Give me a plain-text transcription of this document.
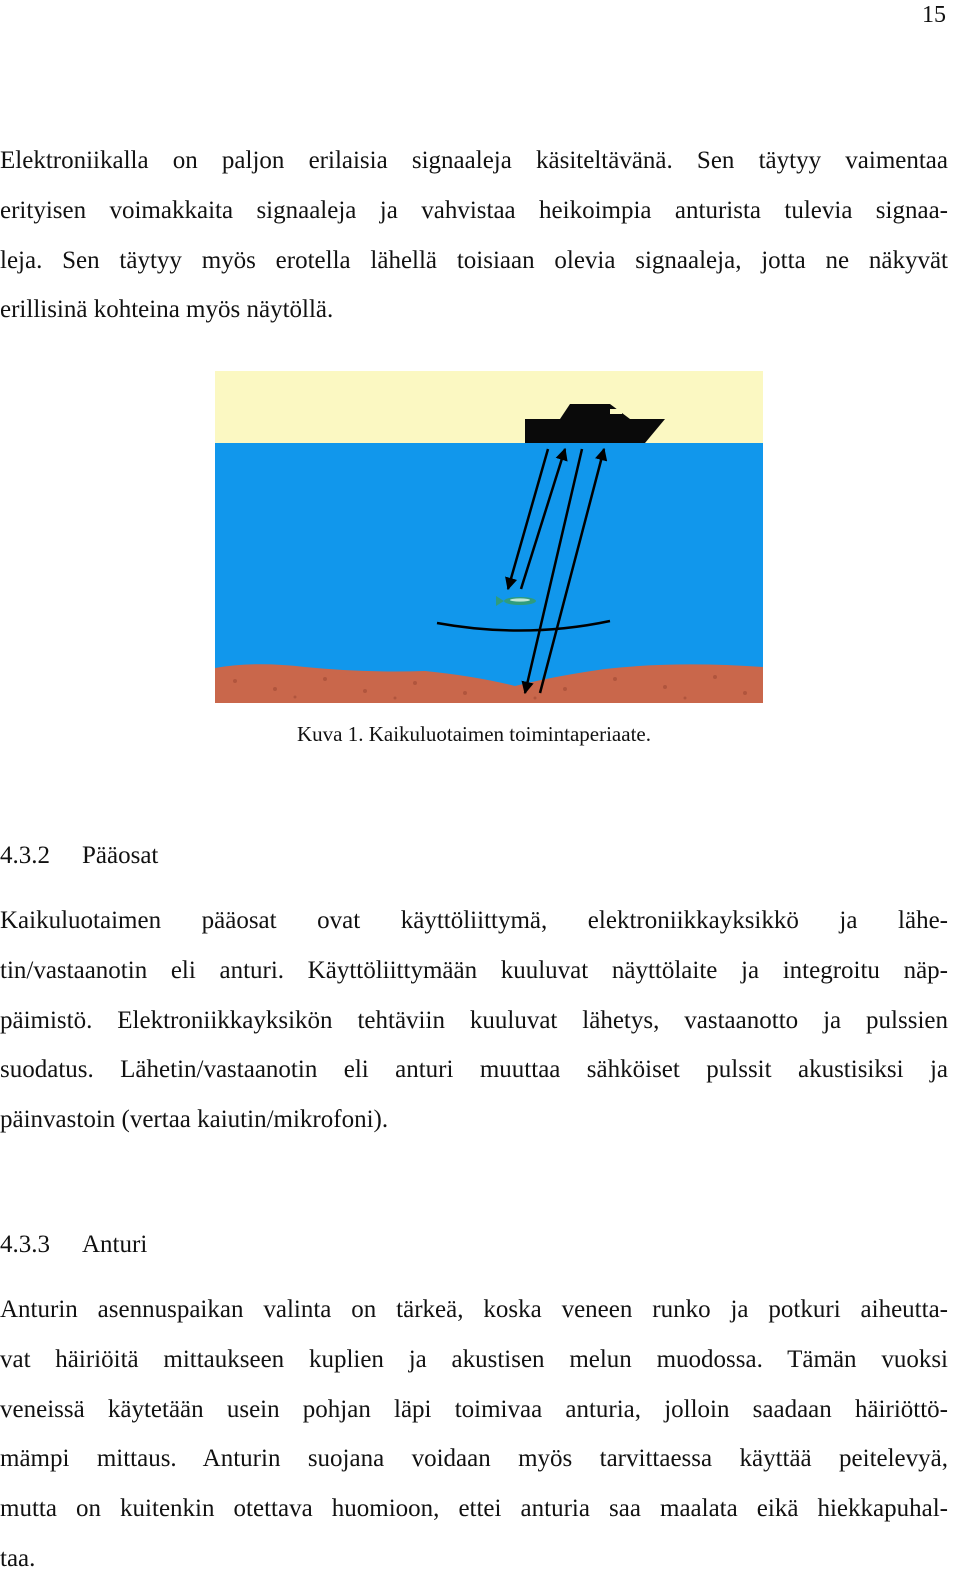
15
Elektroniikalla on paljon erilaisia signaaleja käsiteltävänä. Sen täytyy vaimentaa
erityisen voimakkaita signaaleja ja vahvistaa heikoimpia anturista tulevia signaa-
leja. Sen täytyy myös erotella lähellä toisiaan olevia signaaleja, jotta ne näkyvät
erillisinä kohteina myös näytöllä.
Kuva 1. Kaikuluotaimen toimintaperiaate.
4.3.2 Pääosat
Kaikuluotaimen pääosat ovat käyttöliittymä, elektroniikkayksikkö ja lähe-
tin/vastaanotin eli anturi. Käyttöliittymään kuuluvat näyttölaite ja integroitu näp-
päimistö. Elektroniikkayksikön tehtäviin kuuluvat lähetys, vastaanotto ja pulssien
suodatus. Lähetin/vastaanotin eli anturi muuttaa sähköiset pulssit akustisiksi ja
päinvastoin (vertaa kaiutin/mikrofoni).
4.3.3 Anturi
Anturin asennuspaikan valinta on tärkeä, koska veneen runko ja potkuri aiheutta-
vat häiriöitä mittaukseen kuplien ja akustisen melun muodossa. Tämän vuoksi
veneissä käytetään usein pohjan läpi toimivaa anturia, jolloin saadaan häiriöttö-
mämpi mittaus. Anturin suojana voidaan myös tarvittaessa käyttää peitelevyä,
mutta on kuitenkin otettava huomioon, ettei anturia saa maalata eikä hiekkapuhal-
taa.
